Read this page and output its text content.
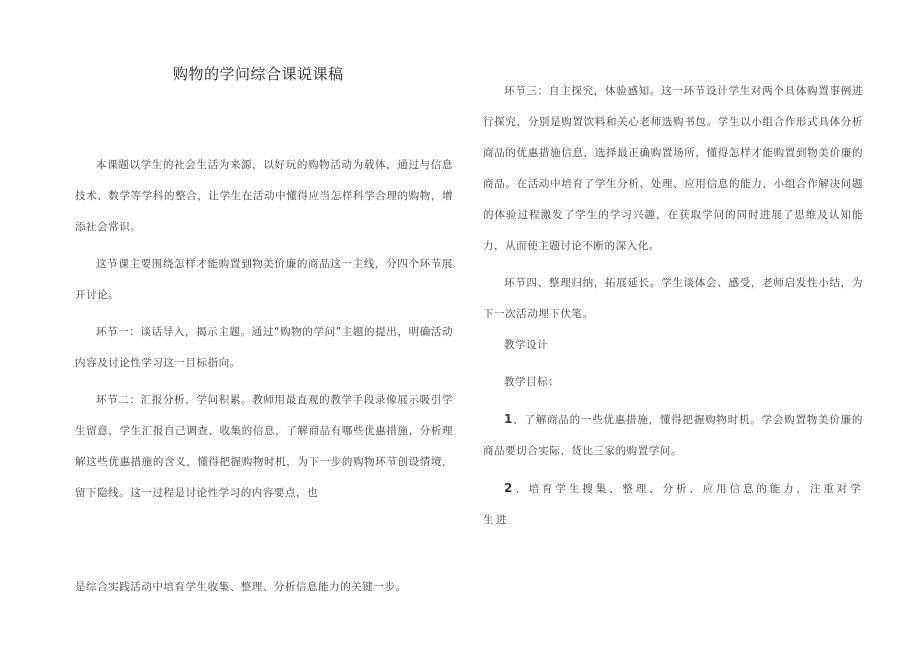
购物的学问综合课说课稿

本课题以学生的社会生活为来源，以好玩的购物活动为载体，通过与信息技术、数学等学科的整合，让学生在活动中懂得应当怎样科学合理的购物，增添社会常识。

这节课主要围绕怎样才能购置到物美价廉的商品这一主线，分四个环节展开讨论。

环节一：谈话导入，揭示主题。通过“购物的学问”主题的提出，明确活动内容及讨论性学习这一目标指向。

环节二：汇报分析，学问积累。教师用最直观的教学手段录像展示吸引学生留意，学生汇报自己调查、收集的信息，了解商品有哪些优惠措施，分析理解这些优惠措施的含义，懂得把握购物时机，为下一步的购物环节创设情境，留下隐线。这一过程是讨论性学习的内容要点，也

是综合实践活动中培育学生收集、整理、分析信息能力的关键一步。

环节三：自主探究，体验感知。这一环节设计学生对两个具体购置事例进行探究，分别是购置饮料和关心老师选购书包。学生以小组合作形式具体分析商品的优惠措施信息，选择最正确购置场所，懂得怎样才能购置到物美价廉的商品。在活动中培育了学生分析、处理、应用信息的能力，小组合作解决问题的体验过程激发了学生的学习兴趣，在获取学问的同时进展了思维及认知能力，从而使主题讨论不断的深入化。

环节四、整理归纳，拓展延长。学生谈体会、感受，老师启发性小结，为下一次活动埋下伏笔。

教学设计

教学目标：

1、了解商品的一些优惠措施，懂得把握购物时机。学会购置物美价廉的商品要切合实际、货比三家的购置学问。

2、培育学生搜集、整理、分析、应用信息的能力，注重对学生进
